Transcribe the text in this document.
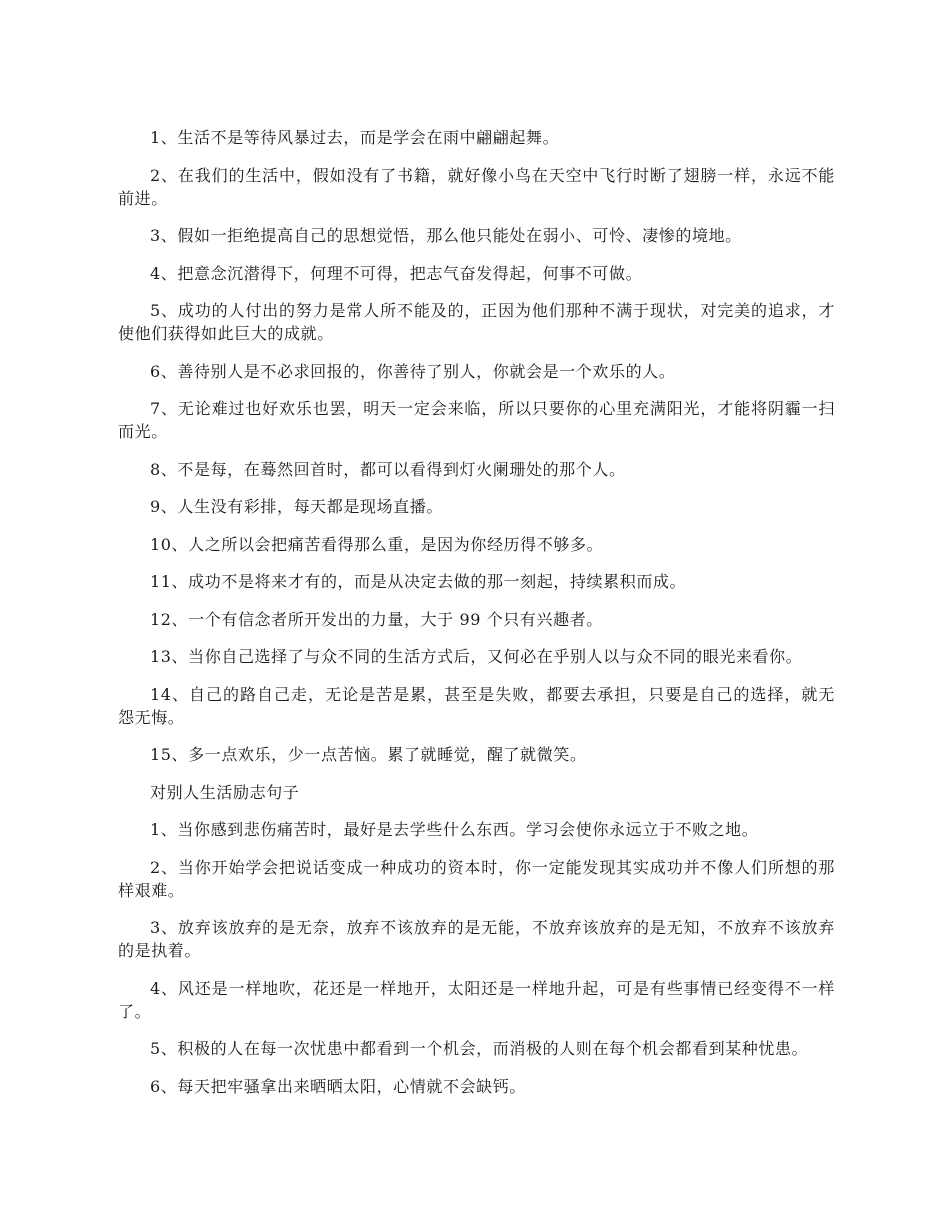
1、生活不是等待风暴过去，而是学会在雨中翩翩起舞。

2、在我们的生活中，假如没有了书籍，就好像小鸟在天空中飞行时断了翅膀一样，永远不能前进。

3、假如一拒绝提高自己的思想觉悟，那么他只能处在弱小、可怜、凄惨的境地。

4、把意念沉潜得下，何理不可得，把志气奋发得起，何事不可做。

5、成功的人付出的努力是常人所不能及的，正因为他们那种不满于现状，对完美的追求，才使他们获得如此巨大的成就。

6、善待别人是不必求回报的，你善待了别人，你就会是一个欢乐的人。

7、无论难过也好欢乐也罢，明天一定会来临，所以只要你的心里充满阳光，才能将阴霾一扫而光。

8、不是每，在蓦然回首时，都可以看得到灯火阑珊处的那个人。

9、人生没有彩排，每天都是现场直播。

10、人之所以会把痛苦看得那么重，是因为你经历得不够多。

11、成功不是将来才有的，而是从决定去做的那一刻起，持续累积而成。

12、一个有信念者所开发出的力量，大于 99 个只有兴趣者。

13、当你自己选择了与众不同的生活方式后，又何必在乎别人以与众不同的眼光来看你。

14、自己的路自己走，无论是苦是累，甚至是失败，都要去承担，只要是自己的选择，就无怨无悔。

15、多一点欢乐，少一点苦恼。累了就睡觉，醒了就微笑。

对别人生活励志句子

1、当你感到悲伤痛苦时，最好是去学些什么东西。学习会使你永远立于不败之地。

2、当你开始学会把说话变成一种成功的资本时，你一定能发现其实成功并不像人们所想的那样艰难。

3、放弃该放弃的是无奈，放弃不该放弃的是无能，不放弃该放弃的是无知，不放弃不该放弃的是执着。

4、风还是一样地吹，花还是一样地开，太阳还是一样地升起，可是有些事情已经变得不一样了。

5、积极的人在每一次忧患中都看到一个机会，而消极的人则在每个机会都看到某种忧患。

6、每天把牢骚拿出来晒晒太阳，心情就不会缺钙。
